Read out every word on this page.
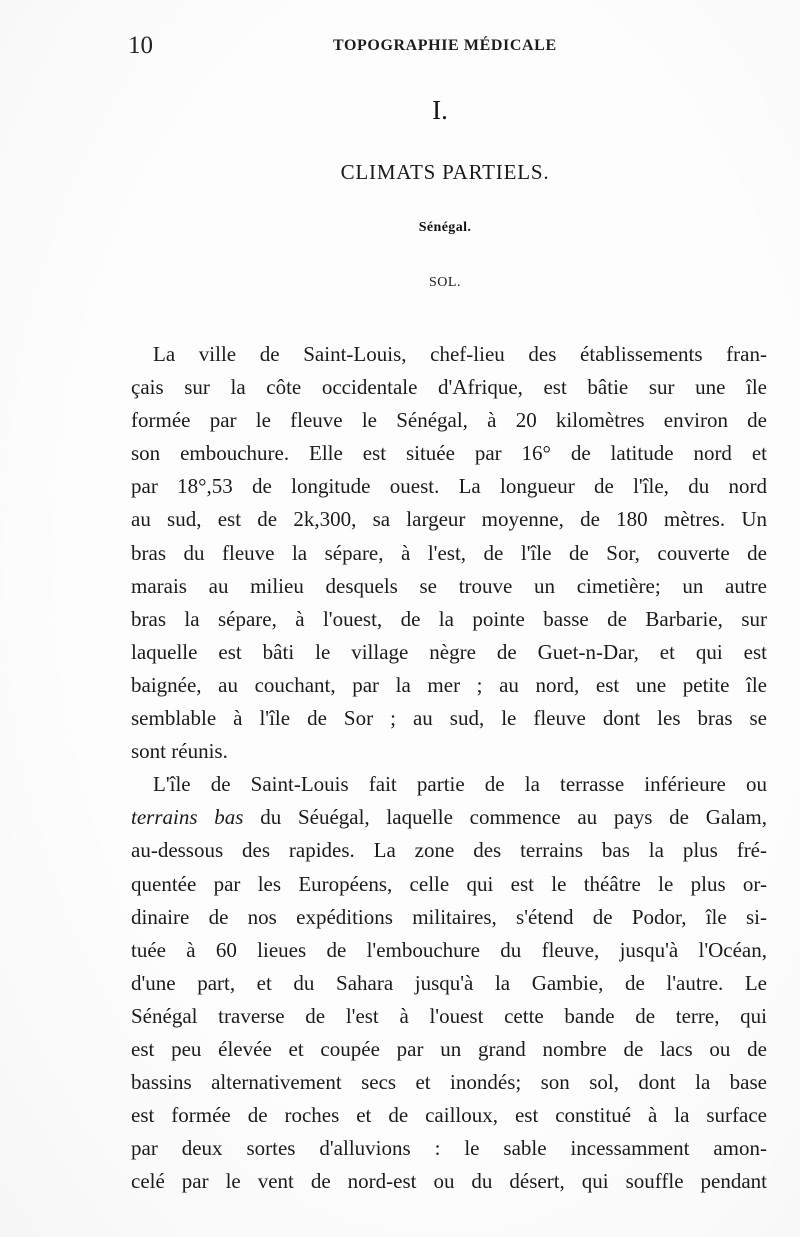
10	TOPOGRAPHIE MÉDICALE
I.
CLIMATS PARTIELS.
Sénégal.
SOL.
La ville de Saint-Louis, chef-lieu des établissements fran-
çais sur la côte occidentale d'Afrique, est bâtie sur une île
formée par le fleuve le Sénégal, à 20 kilomètres environ de
son embouchure. Elle est située par 16° de latitude nord et
par 18°,53 de longitude ouest. La longueur de l'île, du nord
au sud, est de 2k,300, sa largeur moyenne, de 180 mètres. Un
bras du fleuve la sépare, à l'est, de l'île de Sor, couverte de
marais au milieu desquels se trouve un cimetière; un autre
bras la sépare, à l'ouest, de la pointe basse de Barbarie, sur
laquelle est bâti le village nègre de Guet-n-Dar, et qui est
baignée, au couchant, par la mer ; au nord, est une petite île
semblable à l'île de Sor ; au sud, le fleuve dont les bras se
sont réunis.
L'île de Saint-Louis fait partie de la terrasse inférieure ou
terrains bas du Séuégal, laquelle commence au pays de Galam,
au-dessous des rapides. La zone des terrains bas la plus fré-
quentée par les Européens, celle qui est le théâtre le plus or-
dinaire de nos expéditions militaires, s'étend de Podor, île si-
tuée à 60 lieues de l'embouchure du fleuve, jusqu'à l'Océan,
d'une part, et du Sahara jusqu'à la Gambie, de l'autre. Le
Sénégal traverse de l'est à l'ouest cette bande de terre, qui
est peu élevée et coupée par un grand nombre de lacs ou de
bassins alternativement secs et inondés; son sol, dont la base
est formée de roches et de cailloux, est constitué à la surface
par deux sortes d'alluvions : le sable incessamment amon-
celé par le vent de nord-est ou du désert, qui souffle pendant
